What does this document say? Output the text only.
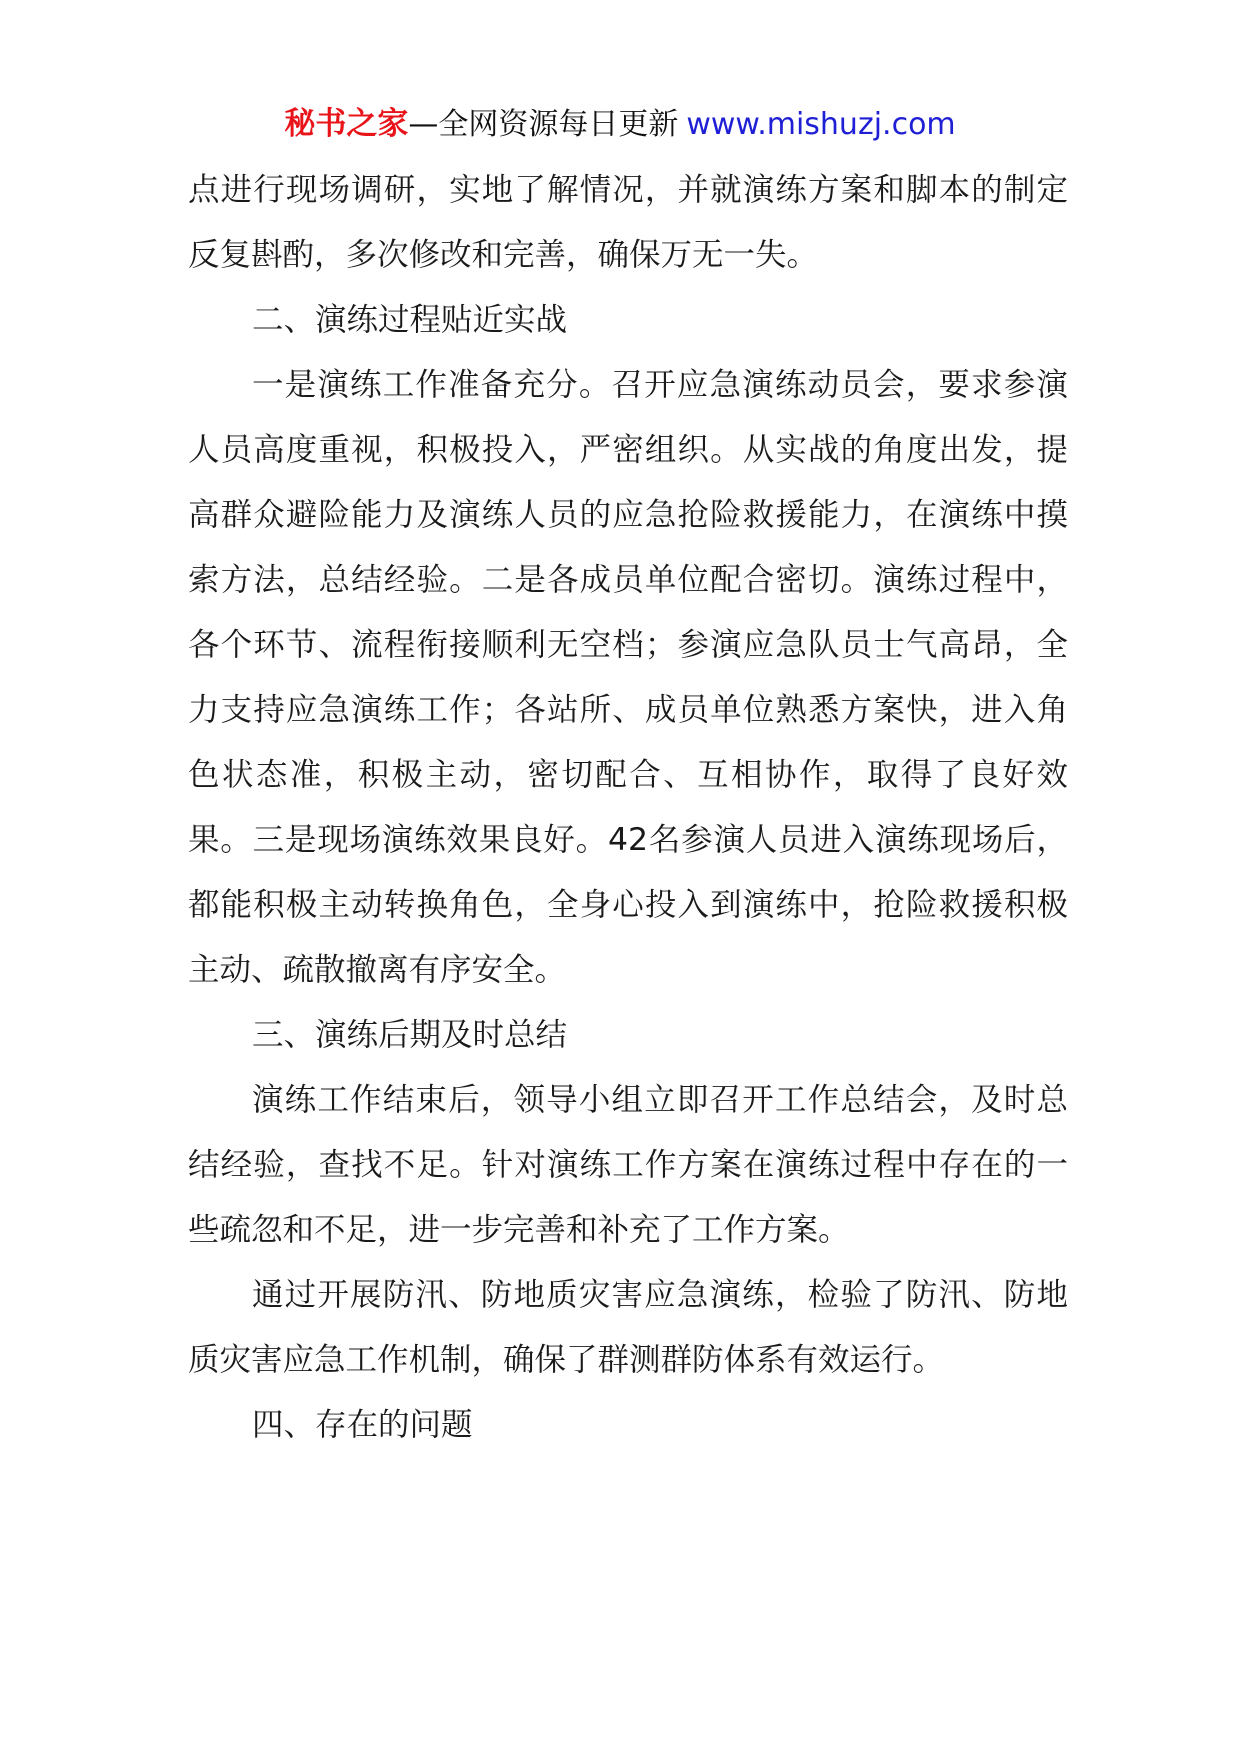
秘书之家—全网资源每日更新 www.mishuzj.com

点进行现场调研，实地了解情况，并就演练方案和脚本的制定反复斟酌，多次修改和完善，确保万无一失。

二、演练过程贴近实战

一是演练工作准备充分。召开应急演练动员会，要求参演人员高度重视，积极投入，严密组织。从实战的角度出发，提高群众避险能力及演练人员的应急抢险救援能力，在演练中摸索方法，总结经验。二是各成员单位配合密切。演练过程中，各个环节、流程衔接顺利无空档；参演应急队员士气高昂，全力支持应急演练工作；各站所、成员单位熟悉方案快，进入角色状态准，积极主动，密切配合、互相协作，取得了良好效果。三是现场演练效果良好。42名参演人员进入演练现场后，都能积极主动转换角色，全身心投入到演练中，抢险救援积极主动、疏散撤离有序安全。

三、演练后期及时总结

演练工作结束后，领导小组立即召开工作总结会，及时总结经验，查找不足。针对演练工作方案在演练过程中存在的一些疏忽和不足，进一步完善和补充了工作方案。

通过开展防汛、防地质灾害应急演练，检验了防汛、防地质灾害应急工作机制，确保了群测群防体系有效运行。

四、存在的问题
